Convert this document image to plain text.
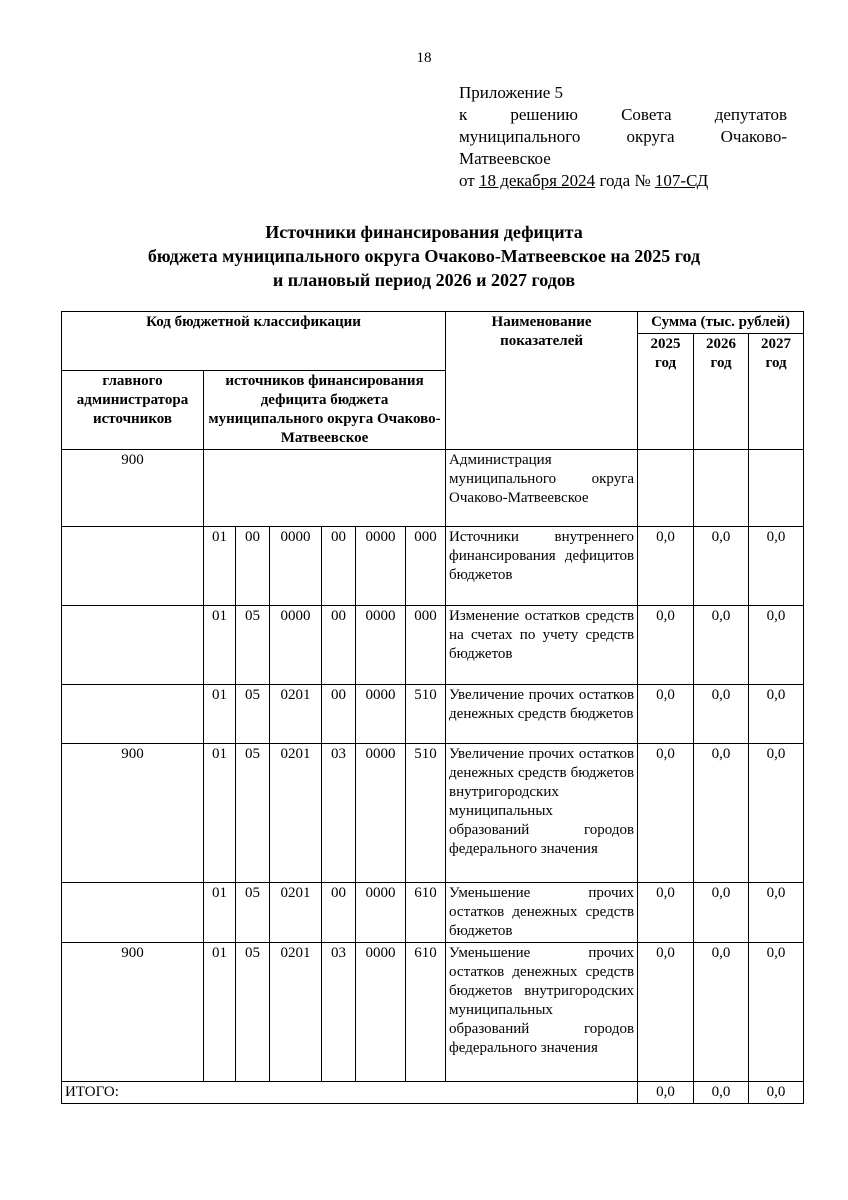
18
Приложение 5
к решению Совета депутатов
муниципального округа Очаково-
Матвеевское
от 18 декабря 2024 года № 107-СД
Источники финансирования дефицита
бюджета муниципального округа Очаково-Матвеевское на 2025 год
и плановый период 2026 и 2027 годов
Код бюджетной классификации							Наименование показателей	Сумма (тыс. рублей)		
								2025 год	2026 год	2027 год
главного администратора источников	источников финансирования дефицита бюджета муниципального округа Очаково-Матвеевское									
900							Администрация муниципального округа Очаково-Матвеевское			
	01	00	0000	00	0000	000	Источники внутреннего финансирования дефицитов бюджетов	0,0	0,0	0,0
	01	05	0000	00	0000	000	Изменение остатков средств на счетах по учету средств бюджетов	0,0	0,0	0,0
	01	05	0201	00	0000	510	Увеличение прочих остатков денежных средств бюджетов	0,0	0,0	0,0
900	01	05	0201	03	0000	510	Увеличение прочих остатков денежных средств бюджетов внутригородских муниципальных образований городов федерального значения	0,0	0,0	0,0
	01	05	0201	00	0000	610	Уменьшение прочих остатков денежных средств бюджетов	0,0	0,0	0,0
900	01	05	0201	03	0000	610	Уменьшение прочих остатков денежных средств бюджетов внутригородских муниципальных образований городов федерального значения	0,0	0,0	0,0
ИТОГО:								0,0	0,0	0,0
